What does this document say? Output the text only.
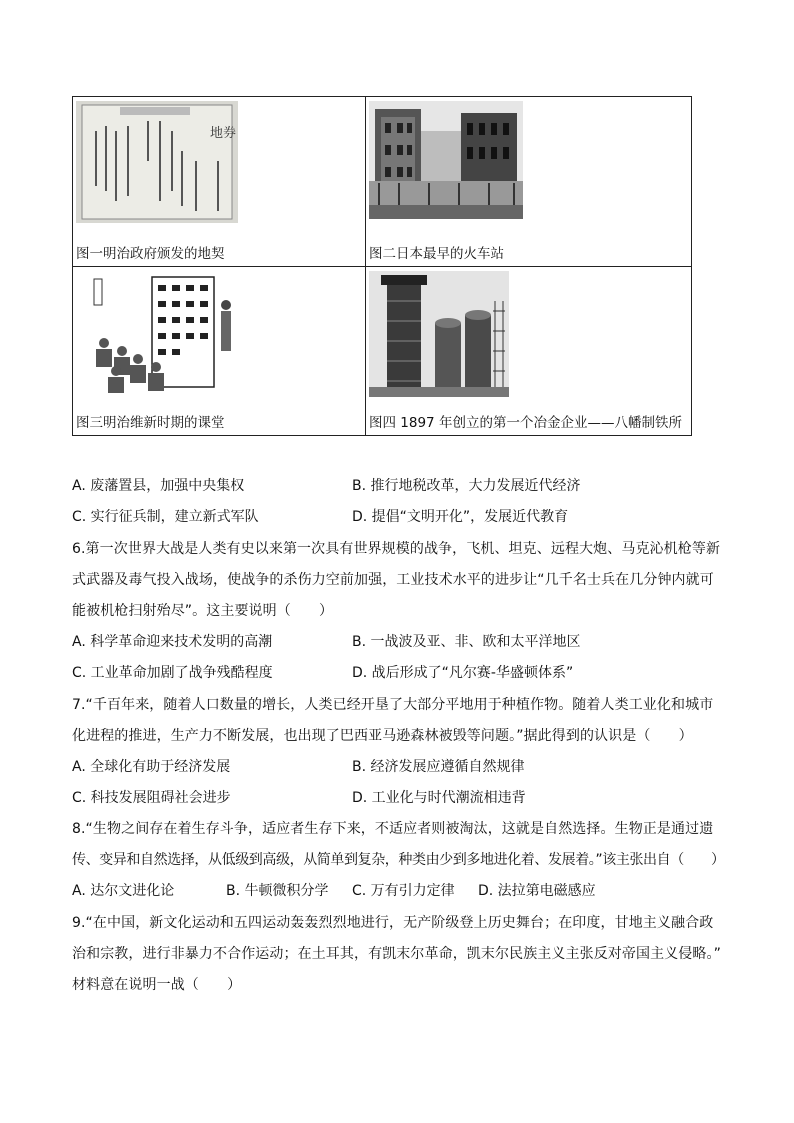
地券
图一明治政府颁发的地契	图二日本最早的火车站

图三明治维新时期的课堂	图四 1897 年创立的第一个冶金企业——八幡制铁所
A. 废藩置县，加强中央集权	B. 推行地税改革，大力发展近代经济
C. 实行征兵制，建立新式军队	D. 提倡“文明开化”，发展近代教育
6.第一次世界大战是人类有史以来第一次具有世界规模的战争，飞机、坦克、远程大炮、马克沁机枪等新
式武器及毒气投入战场，使战争的杀伤力空前加强，工业技术水平的进步让“几千名士兵在几分钟内就可
能被机枪扫射殆尽”。这主要说明（　　）
A. 科学革命迎来技术发明的高潮	B. 一战波及亚、非、欧和太平洋地区
C. 工业革命加剧了战争残酷程度	D. 战后形成了“凡尔赛-华盛顿体系”
7.“千百年来，随着人口数量的增长，人类已经开垦了大部分平地用于种植作物。随着人类工业化和城市
化进程的推进，生产力不断发展，也出现了巴西亚马逊森林被毁等问题。”据此得到的认识是（　　）
A. 全球化有助于经济发展	B. 经济发展应遵循自然规律
C. 科技发展阻碍社会进步	D. 工业化与时代潮流相违背
8.“生物之间存在着生存斗争，适应者生存下来，不适应者则被淘汰，这就是自然选择。生物正是通过遗
传、变异和自然选择，从低级到高级，从简单到复杂，种类由少到多地进化着、发展着。”该主张出自（　　）
A. 达尔文进化论	B. 牛顿微积分学 C. 万有引力定律 D. 法拉第电磁感应
9.“在中国，新文化运动和五四运动轰轰烈烈地进行，无产阶级登上历史舞台；在印度，甘地主义融合政
治和宗教，进行非暴力不合作运动；在土耳其，有凯末尔革命，凯末尔民族主义主张反对帝国主义侵略。”
材料意在说明一战（　　）
